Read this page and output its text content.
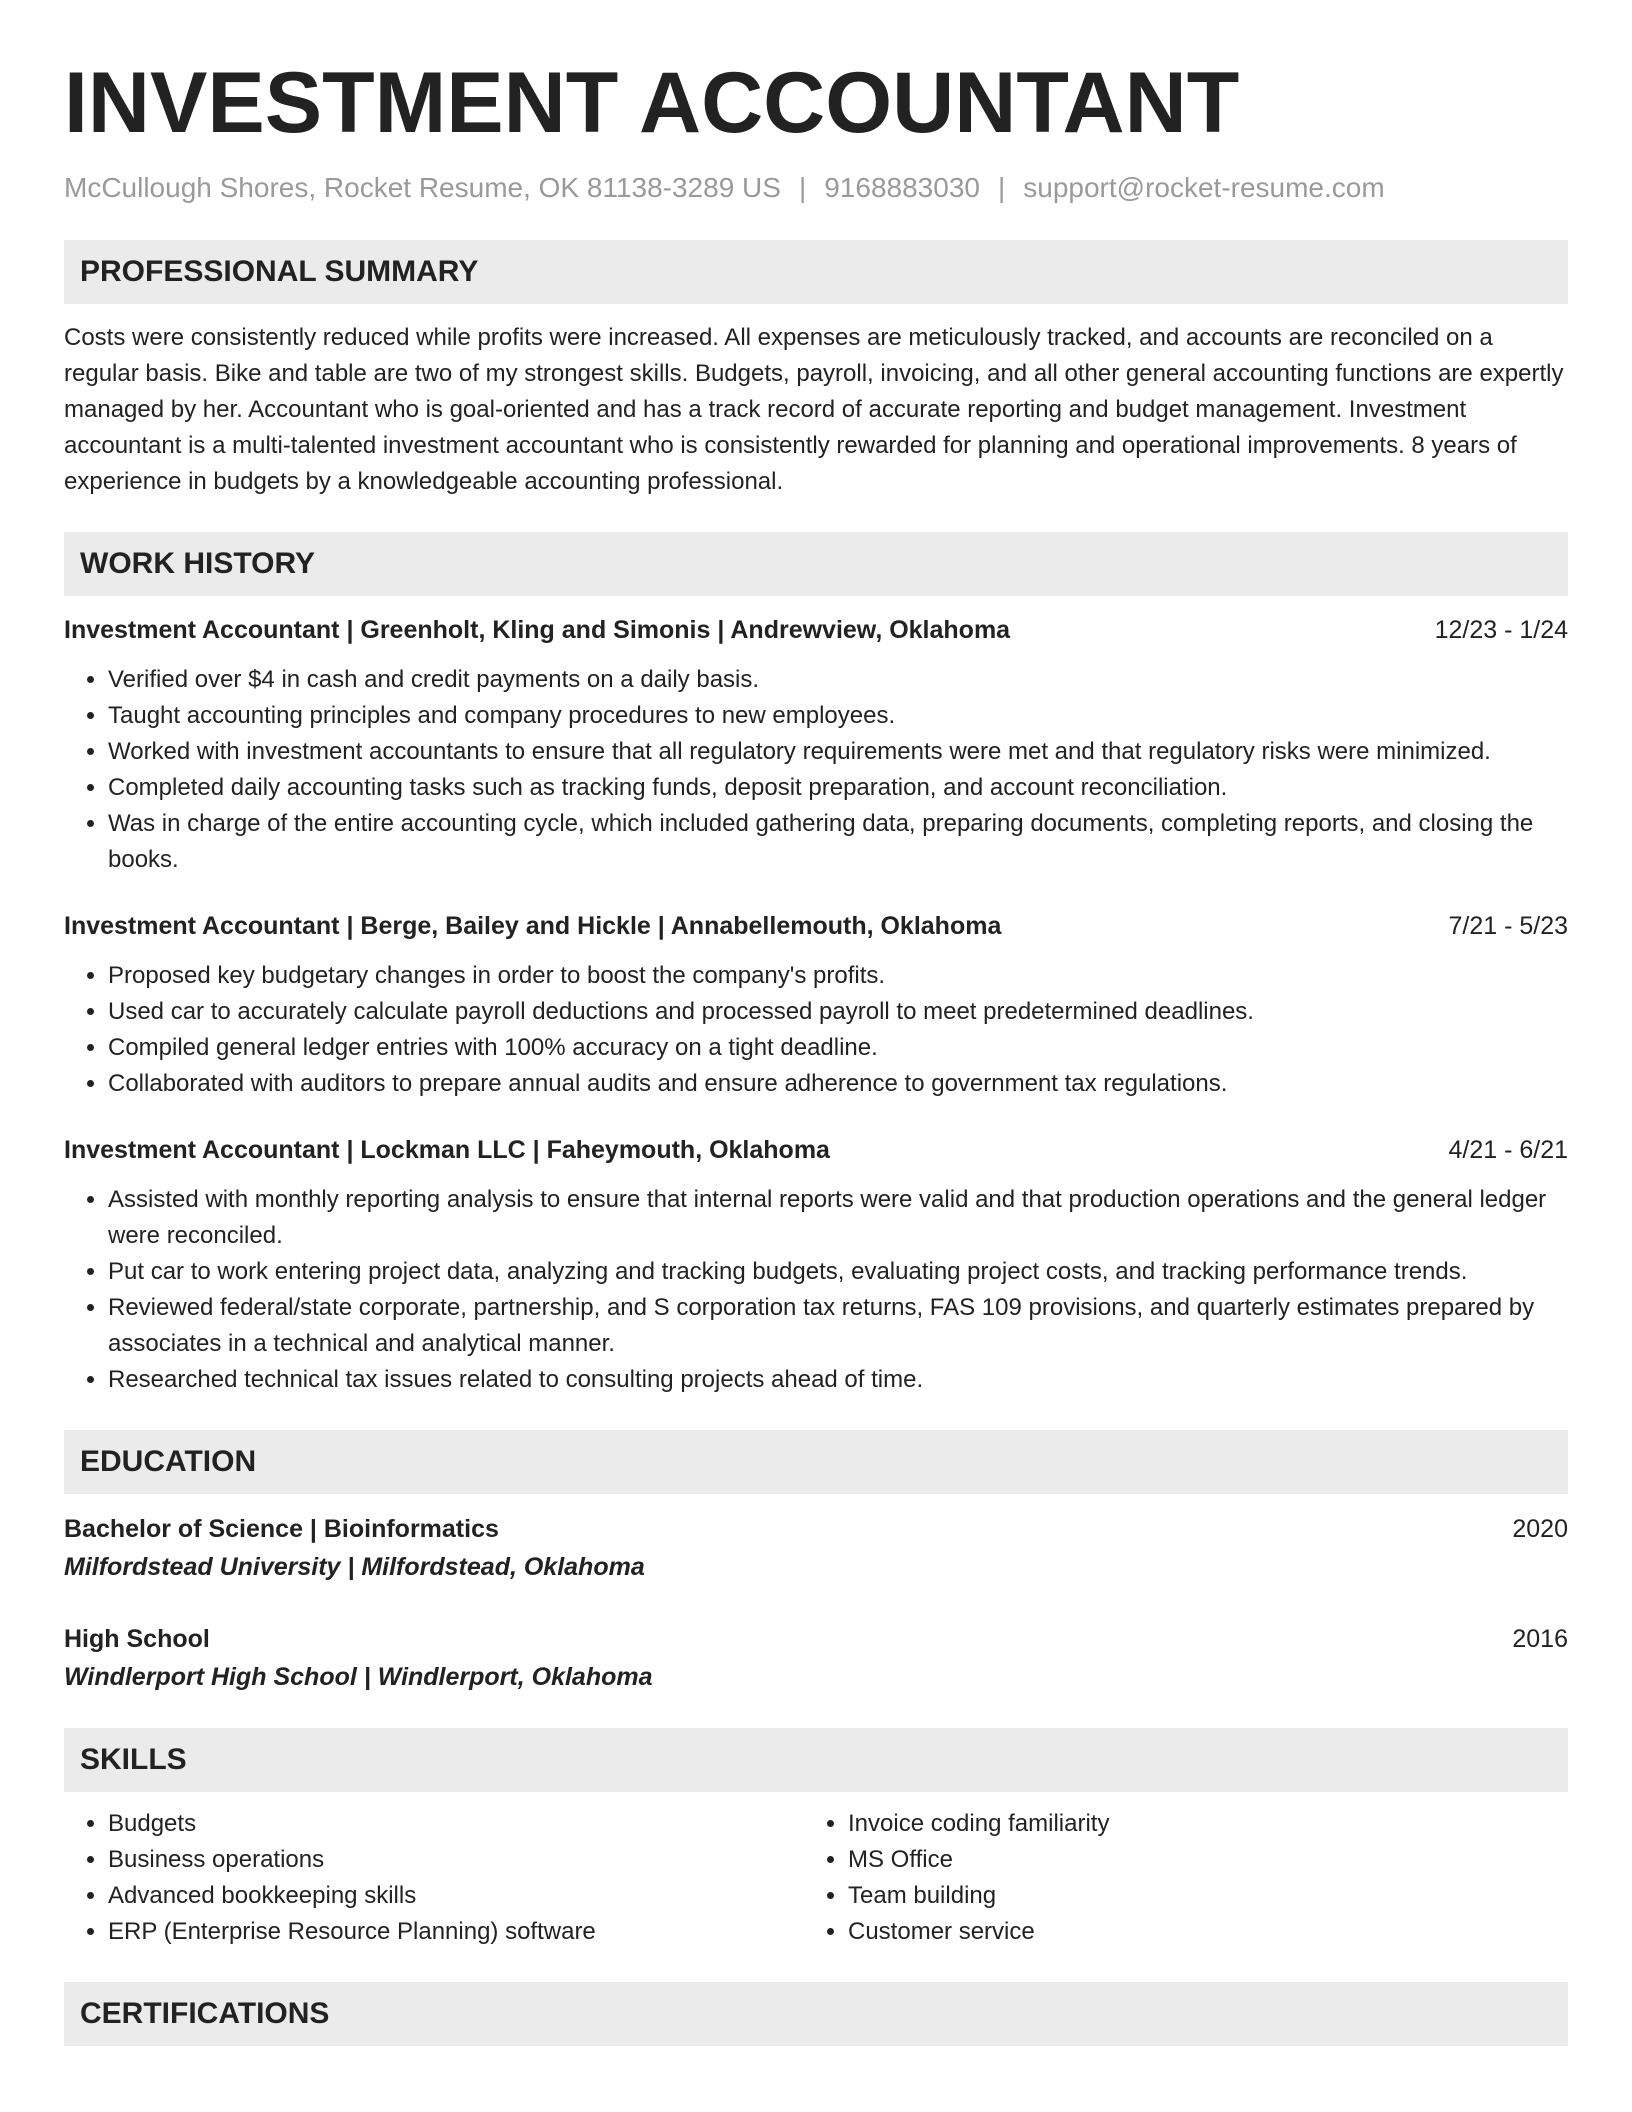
INVESTMENT ACCOUNTANT
McCullough Shores, Rocket Resume, OK 81138-3289 US | 9168883030 | support@rocket-resume.com
PROFESSIONAL SUMMARY
Costs were consistently reduced while profits were increased. All expenses are meticulously tracked, and accounts are reconciled on a regular basis. Bike and table are two of my strongest skills. Budgets, payroll, invoicing, and all other general accounting functions are expertly managed by her. Accountant who is goal-oriented and has a track record of accurate reporting and budget management. Investment accountant is a multi-talented investment accountant who is consistently rewarded for planning and operational improvements. 8 years of experience in budgets by a knowledgeable accounting professional.
WORK HISTORY
Investment Accountant | Greenholt, Kling and Simonis | Andrewview, Oklahoma	12/23 - 1/24
• Verified over $4 in cash and credit payments on a daily basis.
• Taught accounting principles and company procedures to new employees.
• Worked with investment accountants to ensure that all regulatory requirements were met and that regulatory risks were minimized.
• Completed daily accounting tasks such as tracking funds, deposit preparation, and account reconciliation.
• Was in charge of the entire accounting cycle, which included gathering data, preparing documents, completing reports, and closing the books.
Investment Accountant | Berge, Bailey and Hickle | Annabellemouth, Oklahoma	7/21 - 5/23
• Proposed key budgetary changes in order to boost the company's profits.
• Used car to accurately calculate payroll deductions and processed payroll to meet predetermined deadlines.
• Compiled general ledger entries with 100% accuracy on a tight deadline.
• Collaborated with auditors to prepare annual audits and ensure adherence to government tax regulations.
Investment Accountant | Lockman LLC | Faheymouth, Oklahoma	4/21 - 6/21
• Assisted with monthly reporting analysis to ensure that internal reports were valid and that production operations and the general ledger were reconciled.
• Put car to work entering project data, analyzing and tracking budgets, evaluating project costs, and tracking performance trends.
• Reviewed federal/state corporate, partnership, and S corporation tax returns, FAS 109 provisions, and quarterly estimates prepared by associates in a technical and analytical manner.
• Researched technical tax issues related to consulting projects ahead of time.
EDUCATION
Bachelor of Science | Bioinformatics	2020
Milfordstead University | Milfordstead, Oklahoma
High School	2016
Windlerport High School | Windlerport, Oklahoma
SKILLS
• Budgets
• Business operations
• Advanced bookkeeping skills
• ERP (Enterprise Resource Planning) software
• Invoice coding familiarity
• MS Office
• Team building
• Customer service
CERTIFICATIONS
